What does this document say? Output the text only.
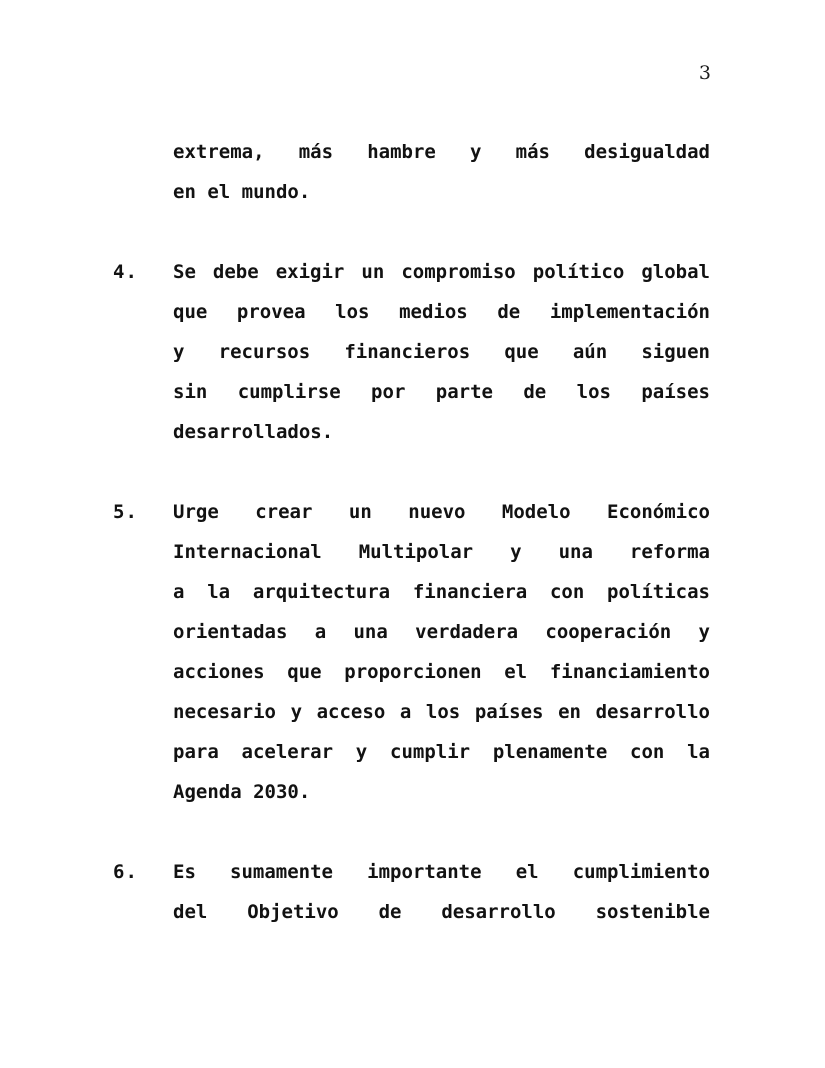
3
extrema, más hambre y más desigualdad
en el mundo.
4.	Se debe exigir un compromiso político global
que provea los medios de implementación
y recursos financieros que aún siguen
sin cumplirse por parte de los países
desarrollados.
5.	Urge crear un nuevo Modelo Económico
Internacional Multipolar y una reforma
a la arquitectura financiera con políticas
orientadas a una verdadera cooperación y
acciones que proporcionen el financiamiento
necesario y acceso a los países en desarrollo
para acelerar y cumplir plenamente con la
Agenda 2030.
6.	Es sumamente importante el cumplimiento
del Objetivo de desarrollo sostenible
